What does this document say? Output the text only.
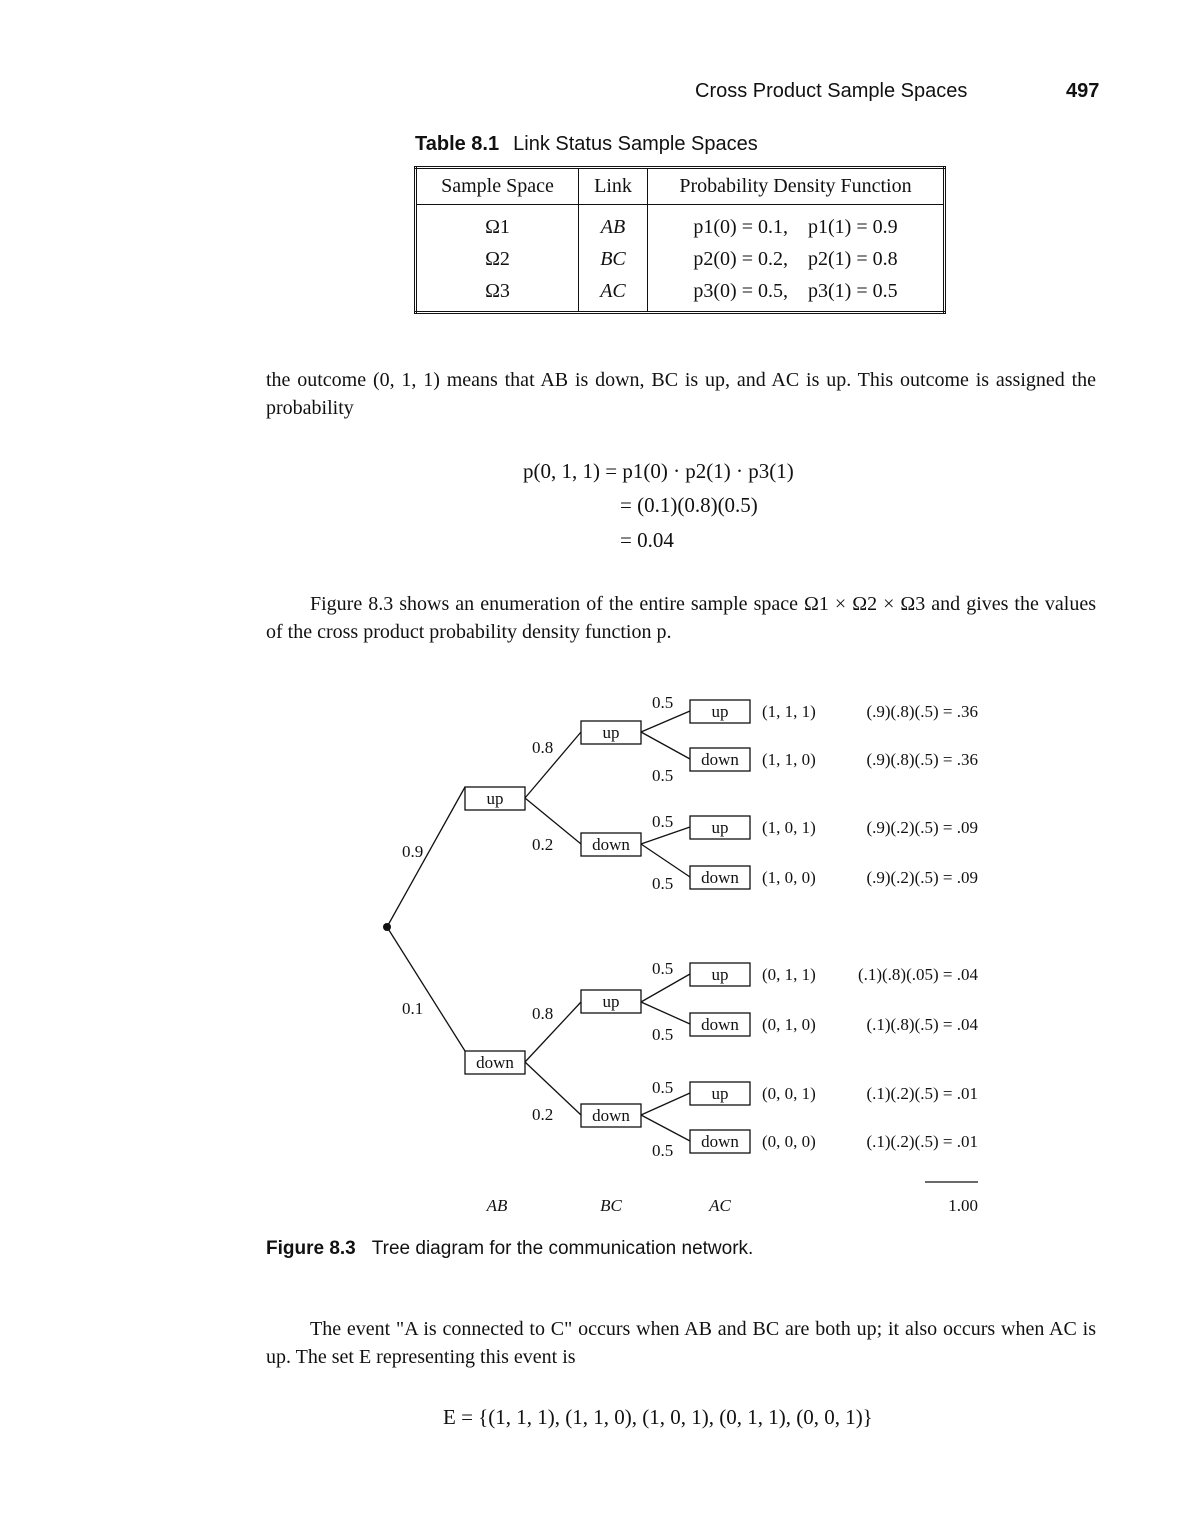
Cross Product Sample Spaces	497
Table 8.1 Link Status Sample Spaces
Sample Space	Link	Probability Density Function
Ω1	AB	p1(0) = 0.1, p1(1) = 0.9
Ω2	BC	p2(0) = 0.2, p2(1) = 0.8
Ω3	AC	p3(0) = 0.5, p3(1) = 0.5
the outcome (0, 1, 1) means that AB is down, BC is up, and AC is up. This outcome is assigned the probability
p(0, 1, 1) = p1(0) · p2(1) · p3(1)
= (0.1)(0.8)(0.5)
= 0.04
Figure 8.3 shows an enumeration of the entire sample space Ω1 × Ω2 × Ω3 and gives the values of the cross product probability density function p.
0.9
0.1
up
down
0.8
0.2
0.8
0.2
up
down
up
down
0.5
0.5
0.5
0.5
0.5
0.5
0.5
0.5
up
down
up
down
up
down
up
down
(1, 1, 1)
(1, 1, 0)
(1, 0, 1)
(1, 0, 0)
(0, 1, 1)
(0, 1, 0)
(0, 0, 1)
(0, 0, 0)
(.9)(.8)(.5) = .36
(.9)(.8)(.5) = .36
(.9)(.2)(.5) = .09
(.9)(.2)(.5) = .09
(.1)(.8)(.05) = .04
(.1)(.8)(.5) = .04
(.1)(.2)(.5) = .01
(.1)(.2)(.5) = .01
AB	BC	AC	1.00
Figure 8.3 Tree diagram for the communication network.
The event "A is connected to C" occurs when AB and BC are both up; it also occurs when AC is up. The set E representing this event is
E = {(1, 1, 1), (1, 1, 0), (1, 0, 1), (0, 1, 1), (0, 0, 1)}
